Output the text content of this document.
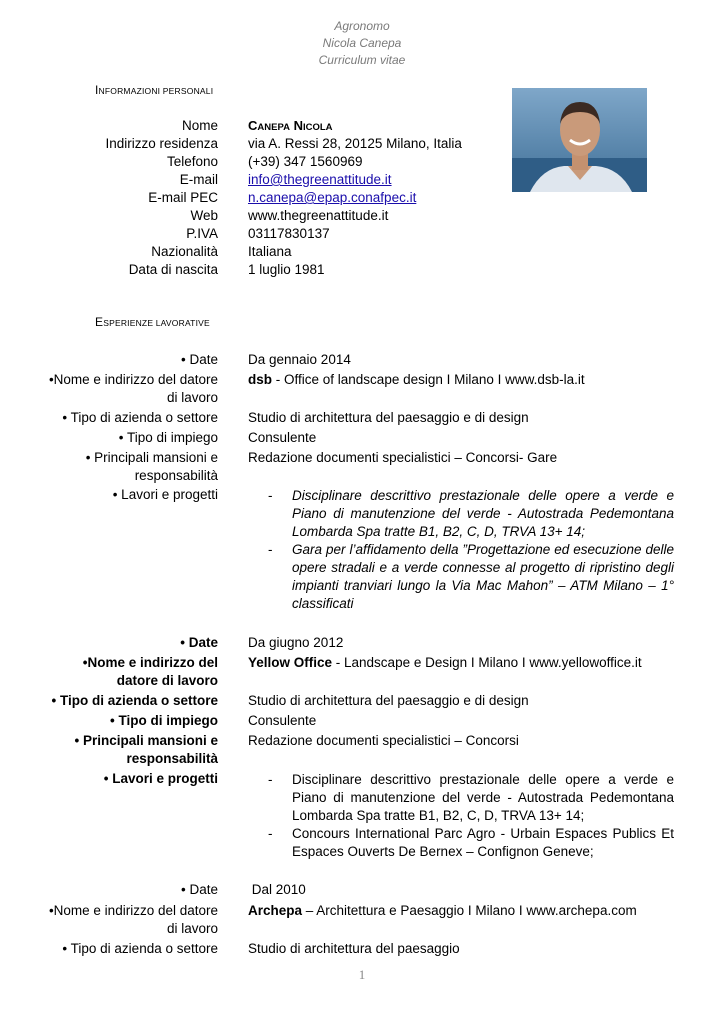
Agronomo
Nicola Canepa
Curriculum vitae
INFORMAZIONI PERSONALI
Nome CANEPA NICOLA
Indirizzo residenza via A. Ressi 28, 20125 Milano, Italia
Telefono (+39) 347 1560969
E-mail info@thegreenattitude.it
E-mail PEC n.canepa@epap.conafpec.it
Web www.thegreenattitude.it
P.IVA 03117830137
Nazionalità Italiana
Data di nascita 1 luglio 1981
ESPERIENZE LAVORATIVE
• Date Da gennaio 2014
•Nome e indirizzo del datore
di lavoro
dsb - Office of landscape design I Milano I www.dsb-la.it
• Tipo di azienda o settore Studio di architettura del paesaggio e di design
• Tipo di impiego Consulente
• Principali mansioni e
responsabilità
Redazione documenti specialistici – Concorsi- Gare
• Lavori e progetti	- Disciplinare descrittivo prestazionale delle opere a verde e Piano di manutenzione del verde - Autostrada Pedemontana Lombarda Spa tratte B1, B2, C, D, TRVA 13+ 14;
- Gara per l’affidamento della ”Progettazione ed esecuzione delle opere stradali e a verde connesse al progetto di ripristino degli impianti tranviari lungo la Via Mac Mahon” – ATM Milano – 1° classificati
• Date Da giugno 2012
•Nome e indirizzo del
datore di lavoro
Yellow Office - Landscape e Design I Milano I www.yellowoffice.it
• Tipo di azienda o settore Studio di architettura del paesaggio e di design
• Tipo di impiego Consulente
• Principali mansioni e
responsabilità
Redazione documenti specialistici – Concorsi
• Lavori e progetti	- Disciplinare descrittivo prestazionale delle opere a verde e Piano di manutenzione del verde - Autostrada Pedemontana Lombarda Spa tratte B1, B2, C, D, TRVA 13+ 14;
- Concours International Parc Agro - Urbain Espaces Publics Et Espaces Ouverts De Bernex – Confignon Geneve;
• Date Dal 2010
•Nome e indirizzo del datore
di lavoro
Archepa – Architettura e Paesaggio I Milano I www.archepa.com
• Tipo di azienda o settore Studio di architettura del paesaggio
1
